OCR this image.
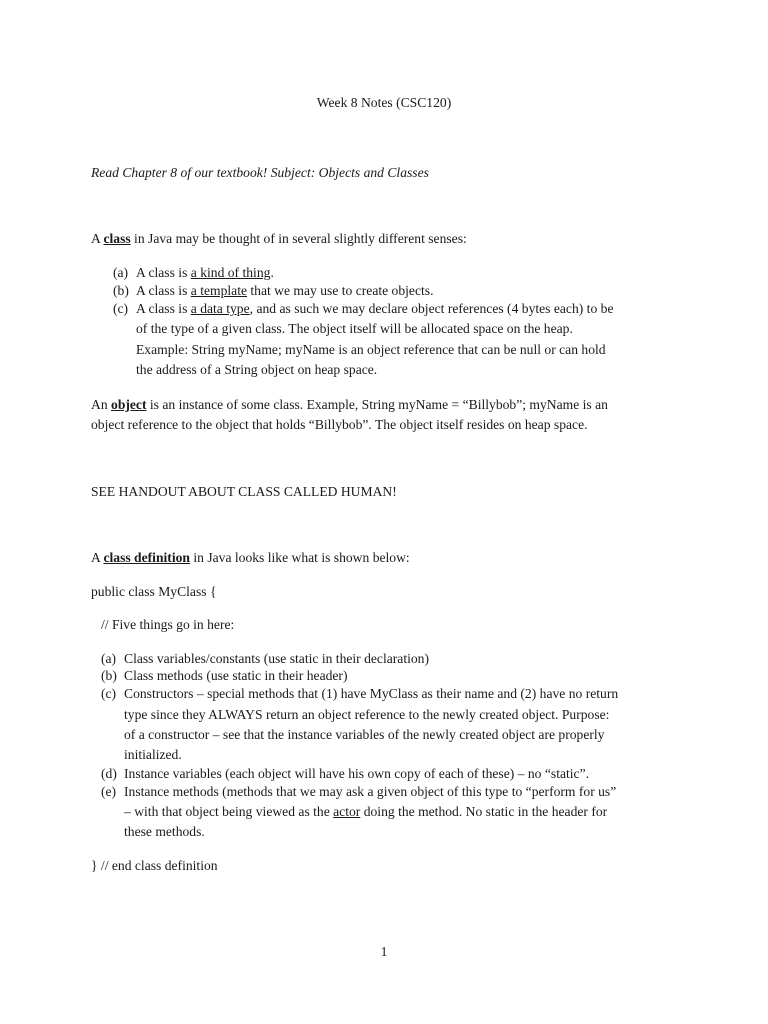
Week 8 Notes (CSC120)
Read Chapter 8 of our textbook! Subject: Objects and Classes
A class in Java may be thought of in several slightly different senses:
(a) A class is a kind of thing.
(b) A class is a template that we may use to create objects.
(c) A class is a data type, and as such we may declare object references (4 bytes each) to be
of the type of a given class. The object itself will be allocated space on the heap.
Example: String myName; myName is an object reference that can be null or can hold
the address of a String object on heap space.
An object is an instance of some class. Example, String myName = “Billybob”; myName is an
object reference to the object that holds “Billybob”. The object itself resides on heap space.
SEE HANDOUT ABOUT CLASS CALLED HUMAN!
A class definition in Java looks like what is shown below:
public class MyClass {
// Five things go in here:
(a) Class variables/constants (use static in their declaration)
(b) Class methods (use static in their header)
(c) Constructors – special methods that (1) have MyClass as their name and (2) have no return
type since they ALWAYS return an object reference to the newly created object. Purpose:
of a constructor – see that the instance variables of the newly created object are properly
initialized.
(d) Instance variables (each object will have his own copy of each of these) – no “static”.
(e) Instance methods (methods that we may ask a given object of this type to “perform for us”
– with that object being viewed as the actor doing the method. No static in the header for
these methods.
} // end class definition
1
